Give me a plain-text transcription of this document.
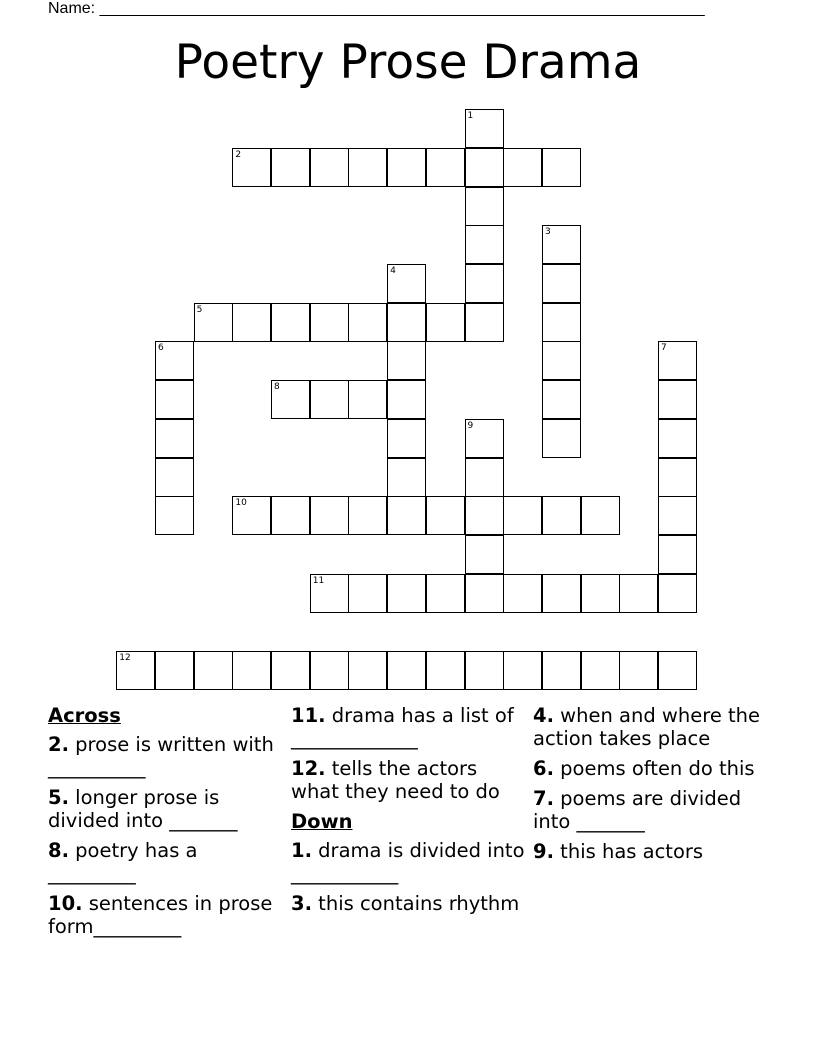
Name: ____________________________________________________________________
Poetry Prose Drama
1
2
3
4
5
6	7
8
9
10
11
12
Across
2. prose is written with __________
5. longer prose is divided into _______
8. poetry has a _________
10. sentences in prose form_________
11. drama has a list of _____________
12. tells the actors what they need to do
Down
1. drama is divided into ___________
3. this contains rhythm
4. when and where the action takes place
6. poems often do this
7. poems are divided into _______
9. this has actors
